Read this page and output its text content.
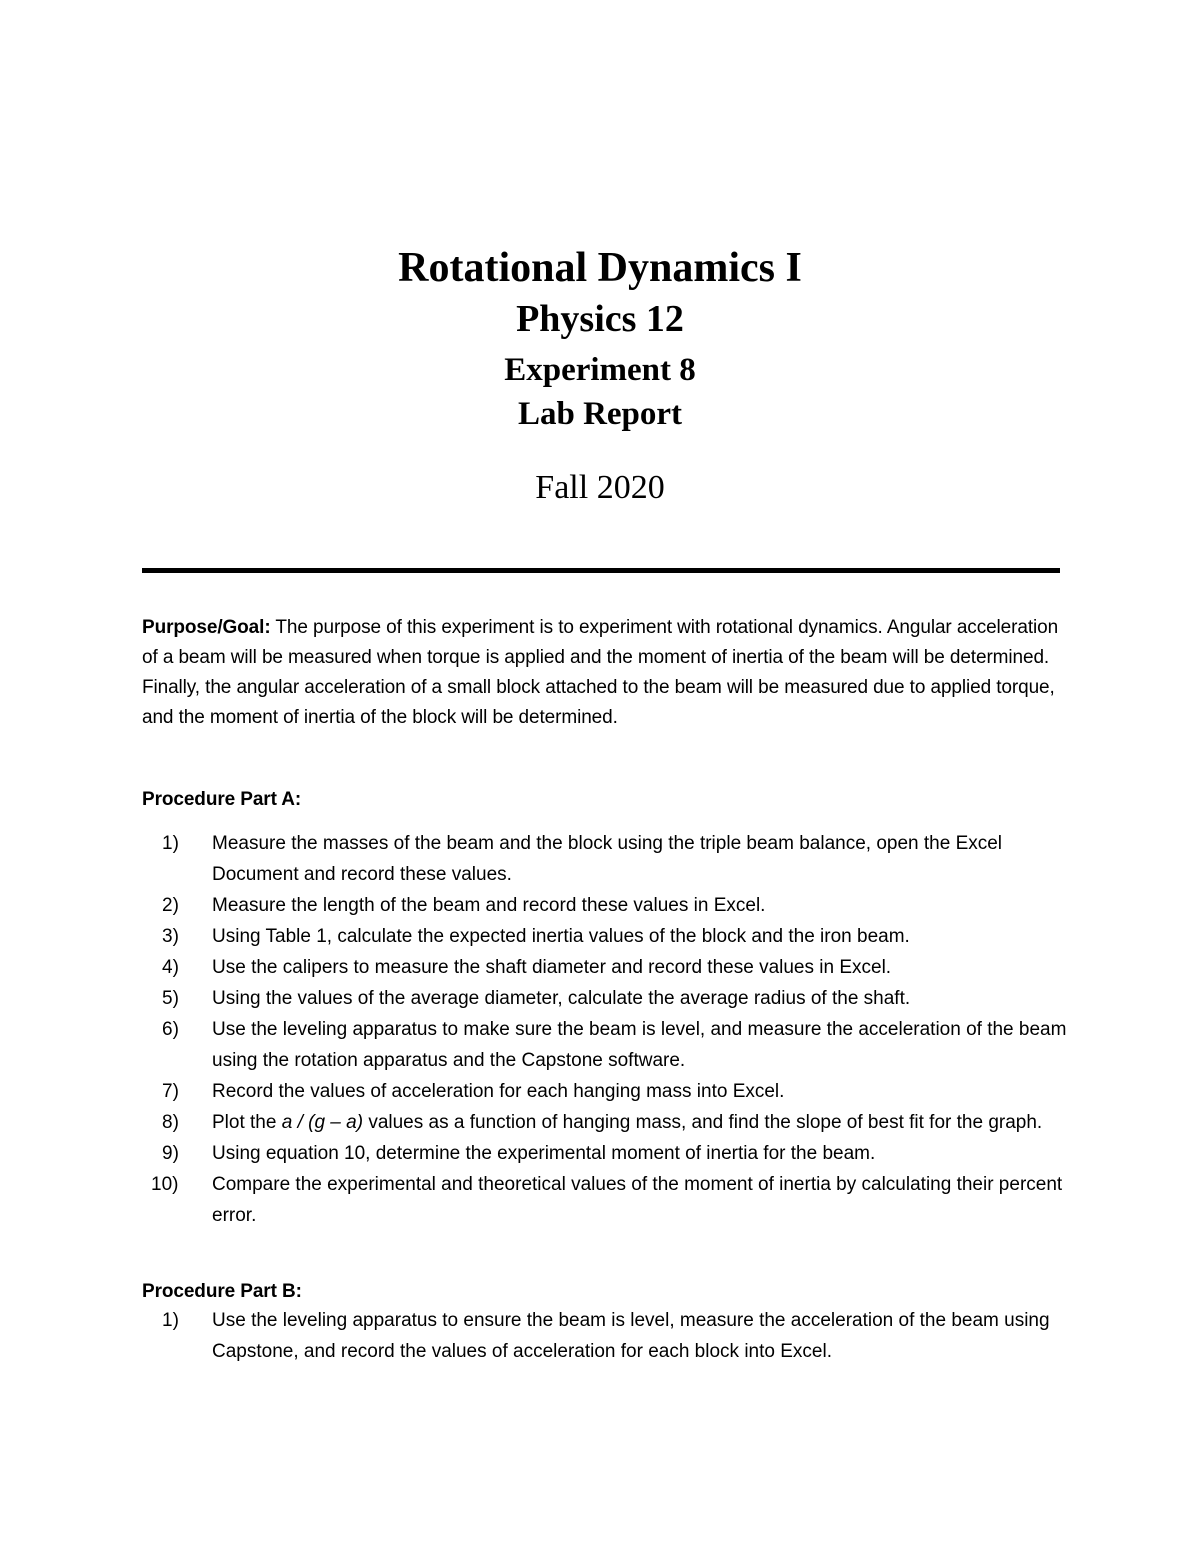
Rotational Dynamics I
Physics 12
Experiment 8
Lab Report
Fall 2020
Purpose/Goal: The purpose of this experiment is to experiment with rotational dynamics. Angular acceleration of a beam will be measured when torque is applied and the moment of inertia of the beam will be determined. Finally, the angular acceleration of a small block attached to the beam will be measured due to applied torque, and the moment of inertia of the block will be determined.
Procedure Part A:
1)	Measure the masses of the beam and the block using the triple beam balance, open the Excel Document and record these values.
2)	Measure the length of the beam and record these values in Excel.
3)	Using Table 1, calculate the expected inertia values of the block and the iron beam.
4)	Use the calipers to measure the shaft diameter and record these values in Excel.
5)	Using the values of the average diameter, calculate the average radius of the shaft.
6)	Use the leveling apparatus to make sure the beam is level, and measure the acceleration of the beam using the rotation apparatus and the Capstone software.
7)	Record the values of acceleration for each hanging mass into Excel.
8)	Plot the a / (g – a) values as a function of hanging mass, and find the slope of best fit for the graph.
9)	Using equation 10, determine the experimental moment of inertia for the beam.
10)	Compare the experimental and theoretical values of the moment of inertia by calculating their percent error.
Procedure Part B:
1)	Use the leveling apparatus to ensure the beam is level, measure the acceleration of the beam using Capstone, and record the values of acceleration for each block into Excel.
